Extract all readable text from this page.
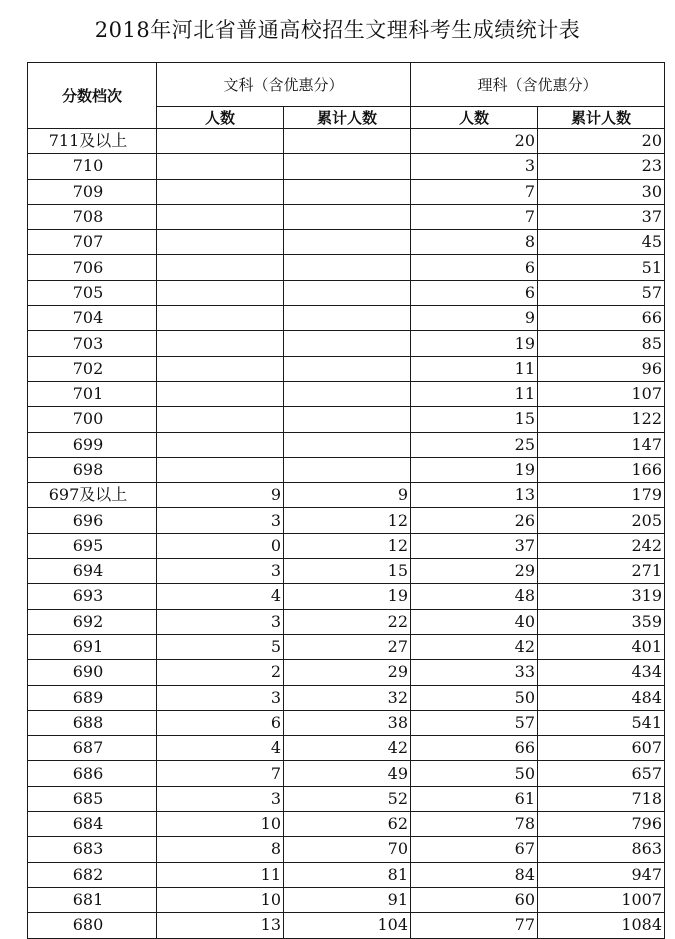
2018年河北省普通高校招生文理科考生成绩统计表
分数档次	文科（含优惠分）		理科（含优惠分）	
	人数	累计人数	人数	累计人数
711及以上			20	20
710			3	23
709			7	30
708			7	37
707			8	45
706			6	51
705			6	57
704			9	66
703			19	85
702			11	96
701			11	107
700			15	122
699			25	147
698			19	166
697及以上	9	9	13	179
696	3	12	26	205
695	0	12	37	242
694	3	15	29	271
693	4	19	48	319
692	3	22	40	359
691	5	27	42	401
690	2	29	33	434
689	3	32	50	484
688	6	38	57	541
687	4	42	66	607
686	7	49	50	657
685	3	52	61	718
684	10	62	78	796
683	8	70	67	863
682	11	81	84	947
681	10	91	60	1007
680	13	104	77	1084
